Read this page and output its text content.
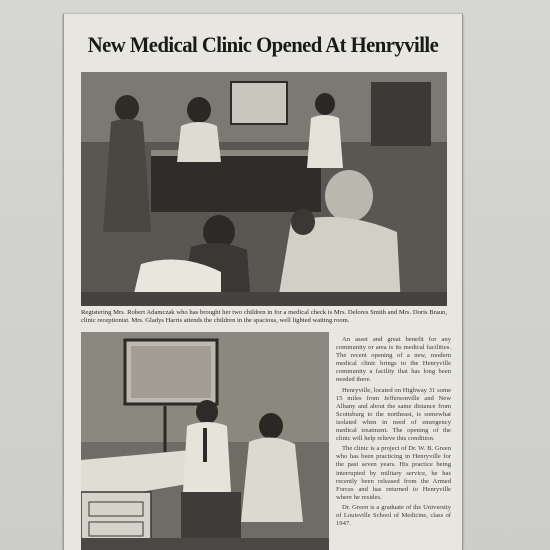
New Medical Clinic Opened At Henryville

Registering Mrs. Robert Adamczak who has brought her two children in for a medical check is Mrs. Delores Smith and Mrs. Doris Braun, clinic receptionist. Mrs. Gladys Harris attends the children in the spacious, well lighted waiting room.

An asset and great benefit for any community or area is its medical facilities. The recent opening of a new, modern medical clinic brings to the Henryville community a facility that has long been needed there.

Henryville, located on Highway 31 some 15 miles from Jeffersonville and New Albany and about the same distance from Scottsburg to the northeast, is somewhat isolated when in need of emergency medical treatment. The opening of the clinic will help relieve this condition.

The clinic is a project of Dr. W. B. Green who has been practicing in Henryville for the past seven years. His practice being interrupted by military service, he has recently been released from the Armed Forces and has returned to Henryville where he resides.

Dr. Green is a graduate of the University of Louisville School of Medicine, class of 1947.
